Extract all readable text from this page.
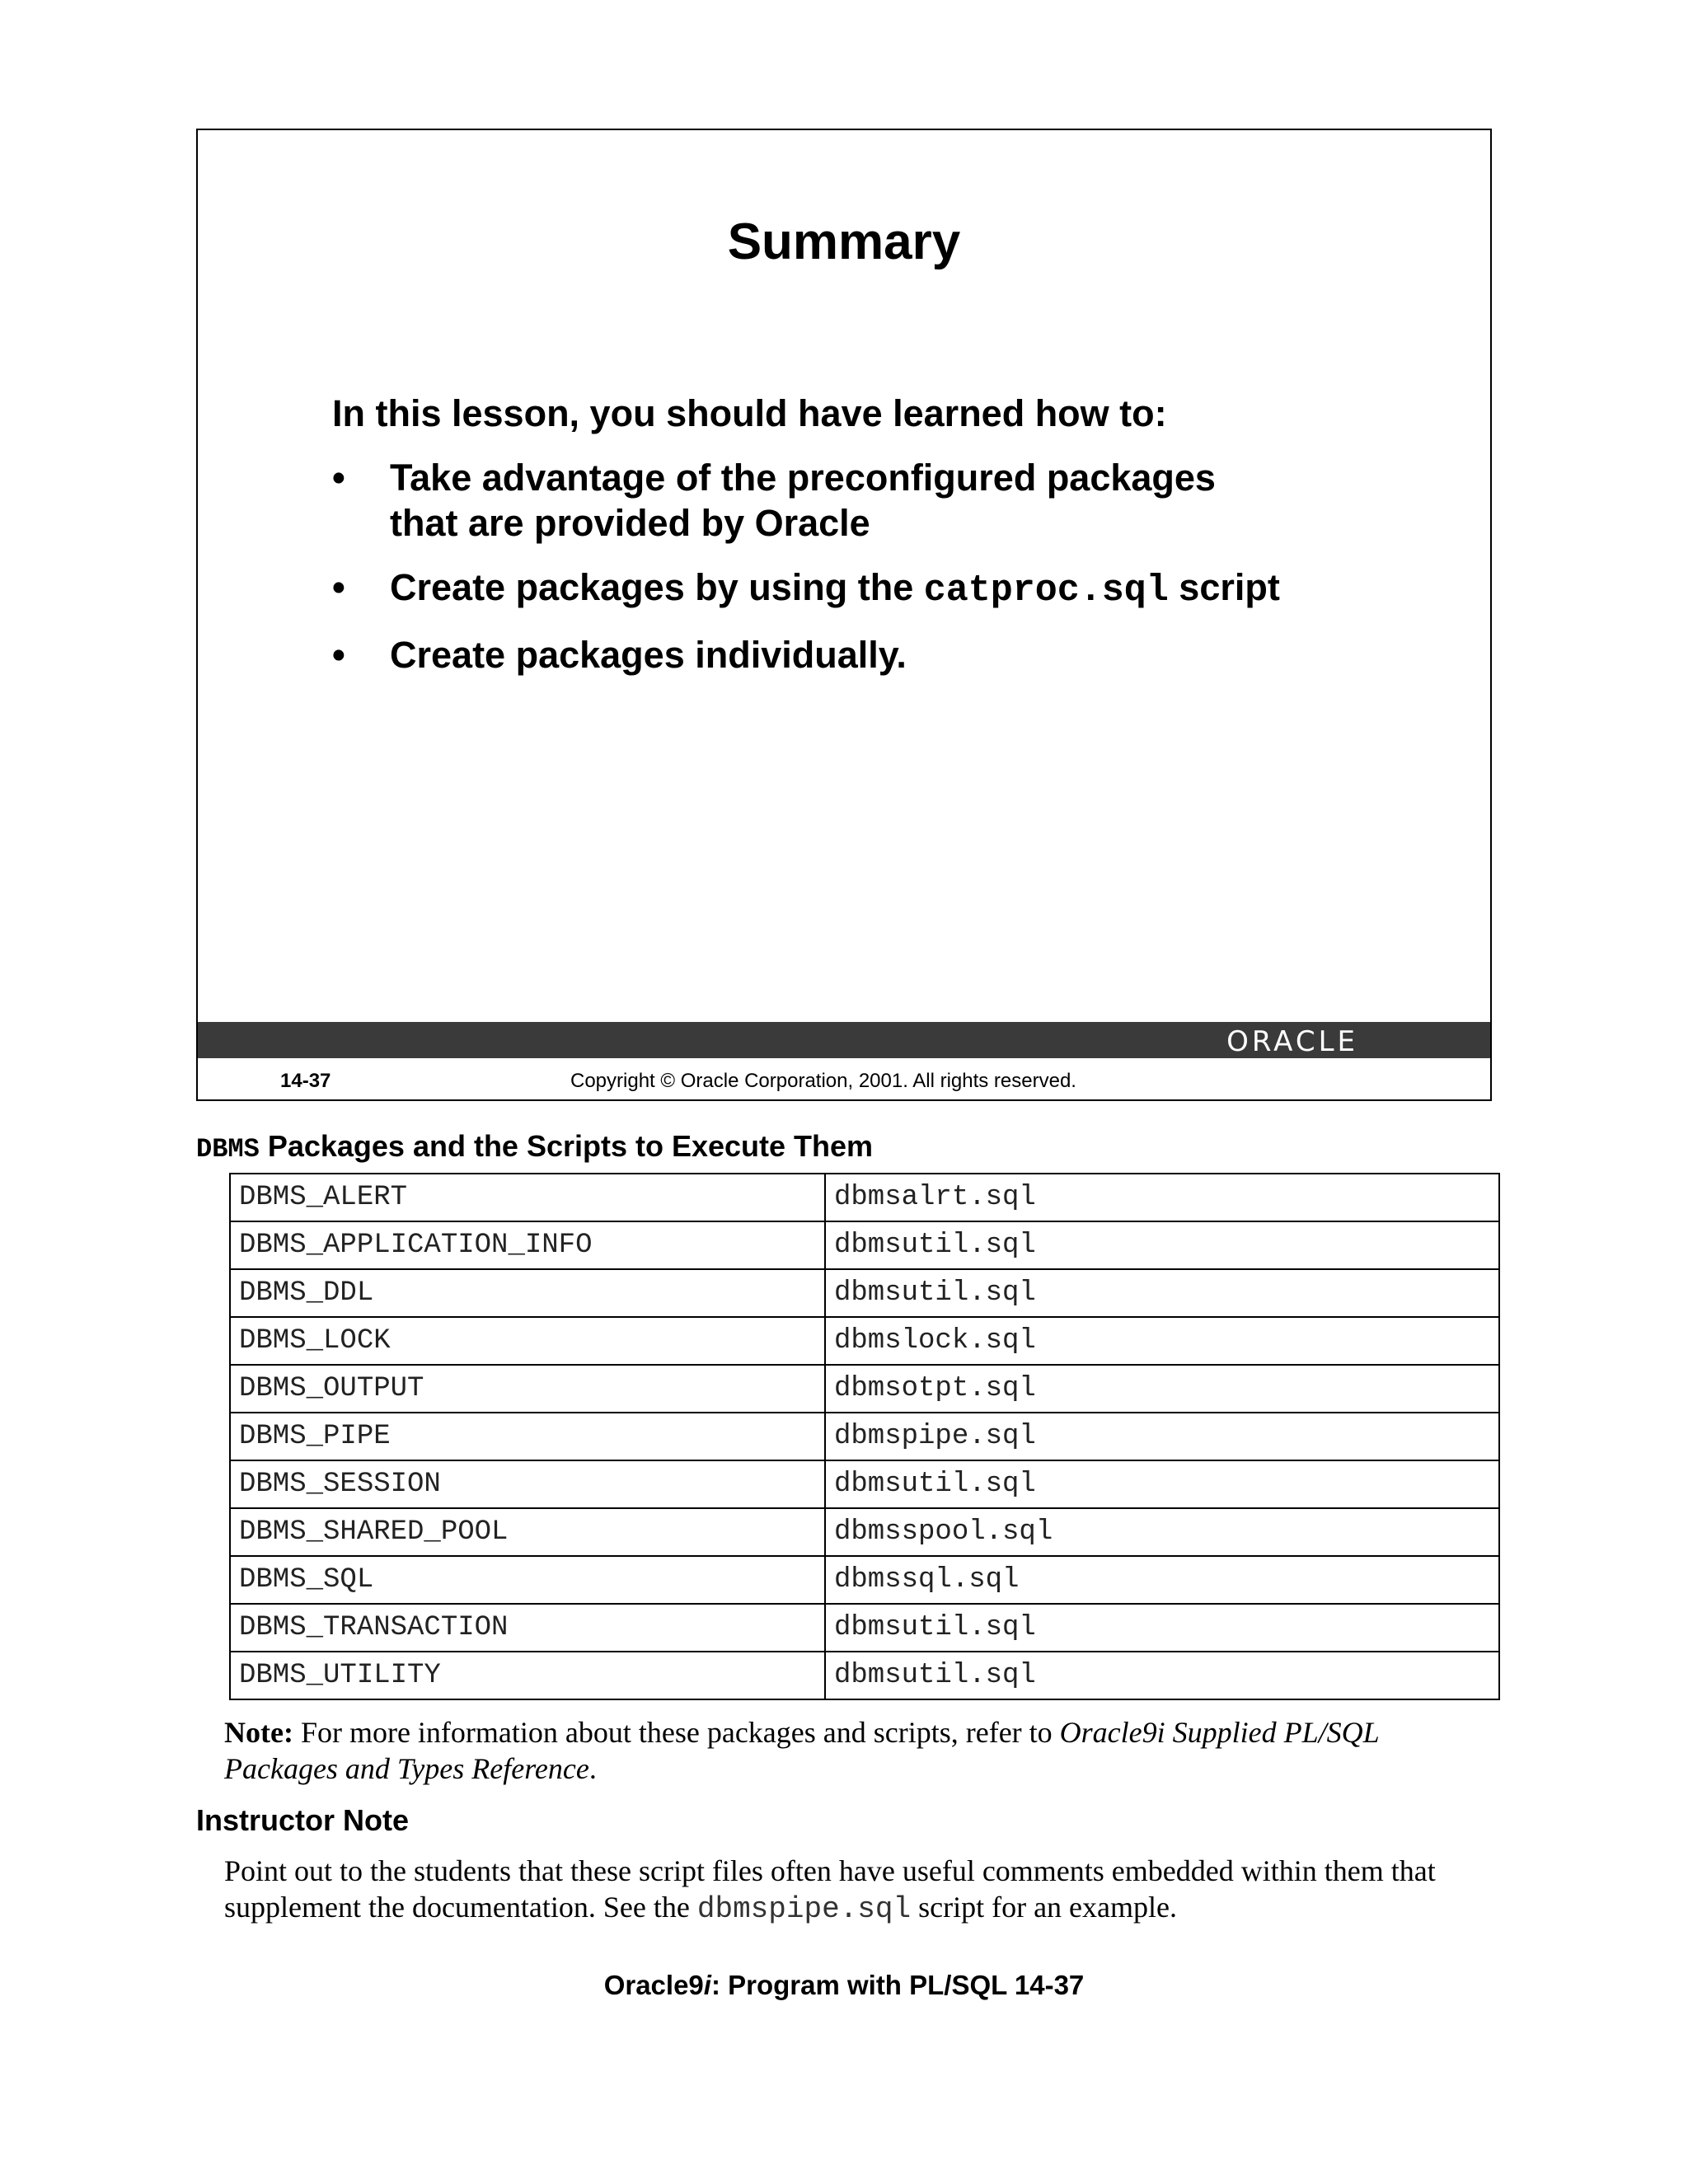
Summary
In this lesson, you should have learned how to:
• Take advantage of the preconfigured packages
that are provided by Oracle
• Create packages by using the catproc.sql script
• Create packages individually.
ORACLE
14-37	Copyright © Oracle Corporation, 2001. All rights reserved.
DBMS Packages and the Scripts to Execute Them
DBMS_ALERT	dbmsalrt.sql
DBMS_APPLICATION_INFO	dbmsutil.sql
DBMS_DDL	dbmsutil.sql
DBMS_LOCK	dbmslock.sql
DBMS_OUTPUT	dbmsotpt.sql
DBMS_PIPE	dbmspipe.sql
DBMS_SESSION	dbmsutil.sql
DBMS_SHARED_POOL	dbmsspool.sql
DBMS_SQL	dbmssql.sql
DBMS_TRANSACTION	dbmsutil.sql
DBMS_UTILITY	dbmsutil.sql
Note: For more information about these packages and scripts, refer to Oracle9i Supplied PL/SQL Packages and Types Reference.
Instructor Note
Point out to the students that these script files often have useful comments embedded within them that supplement the documentation. See the dbmspipe.sql script for an example.
Oracle9i: Program with PL/SQL 14-37
